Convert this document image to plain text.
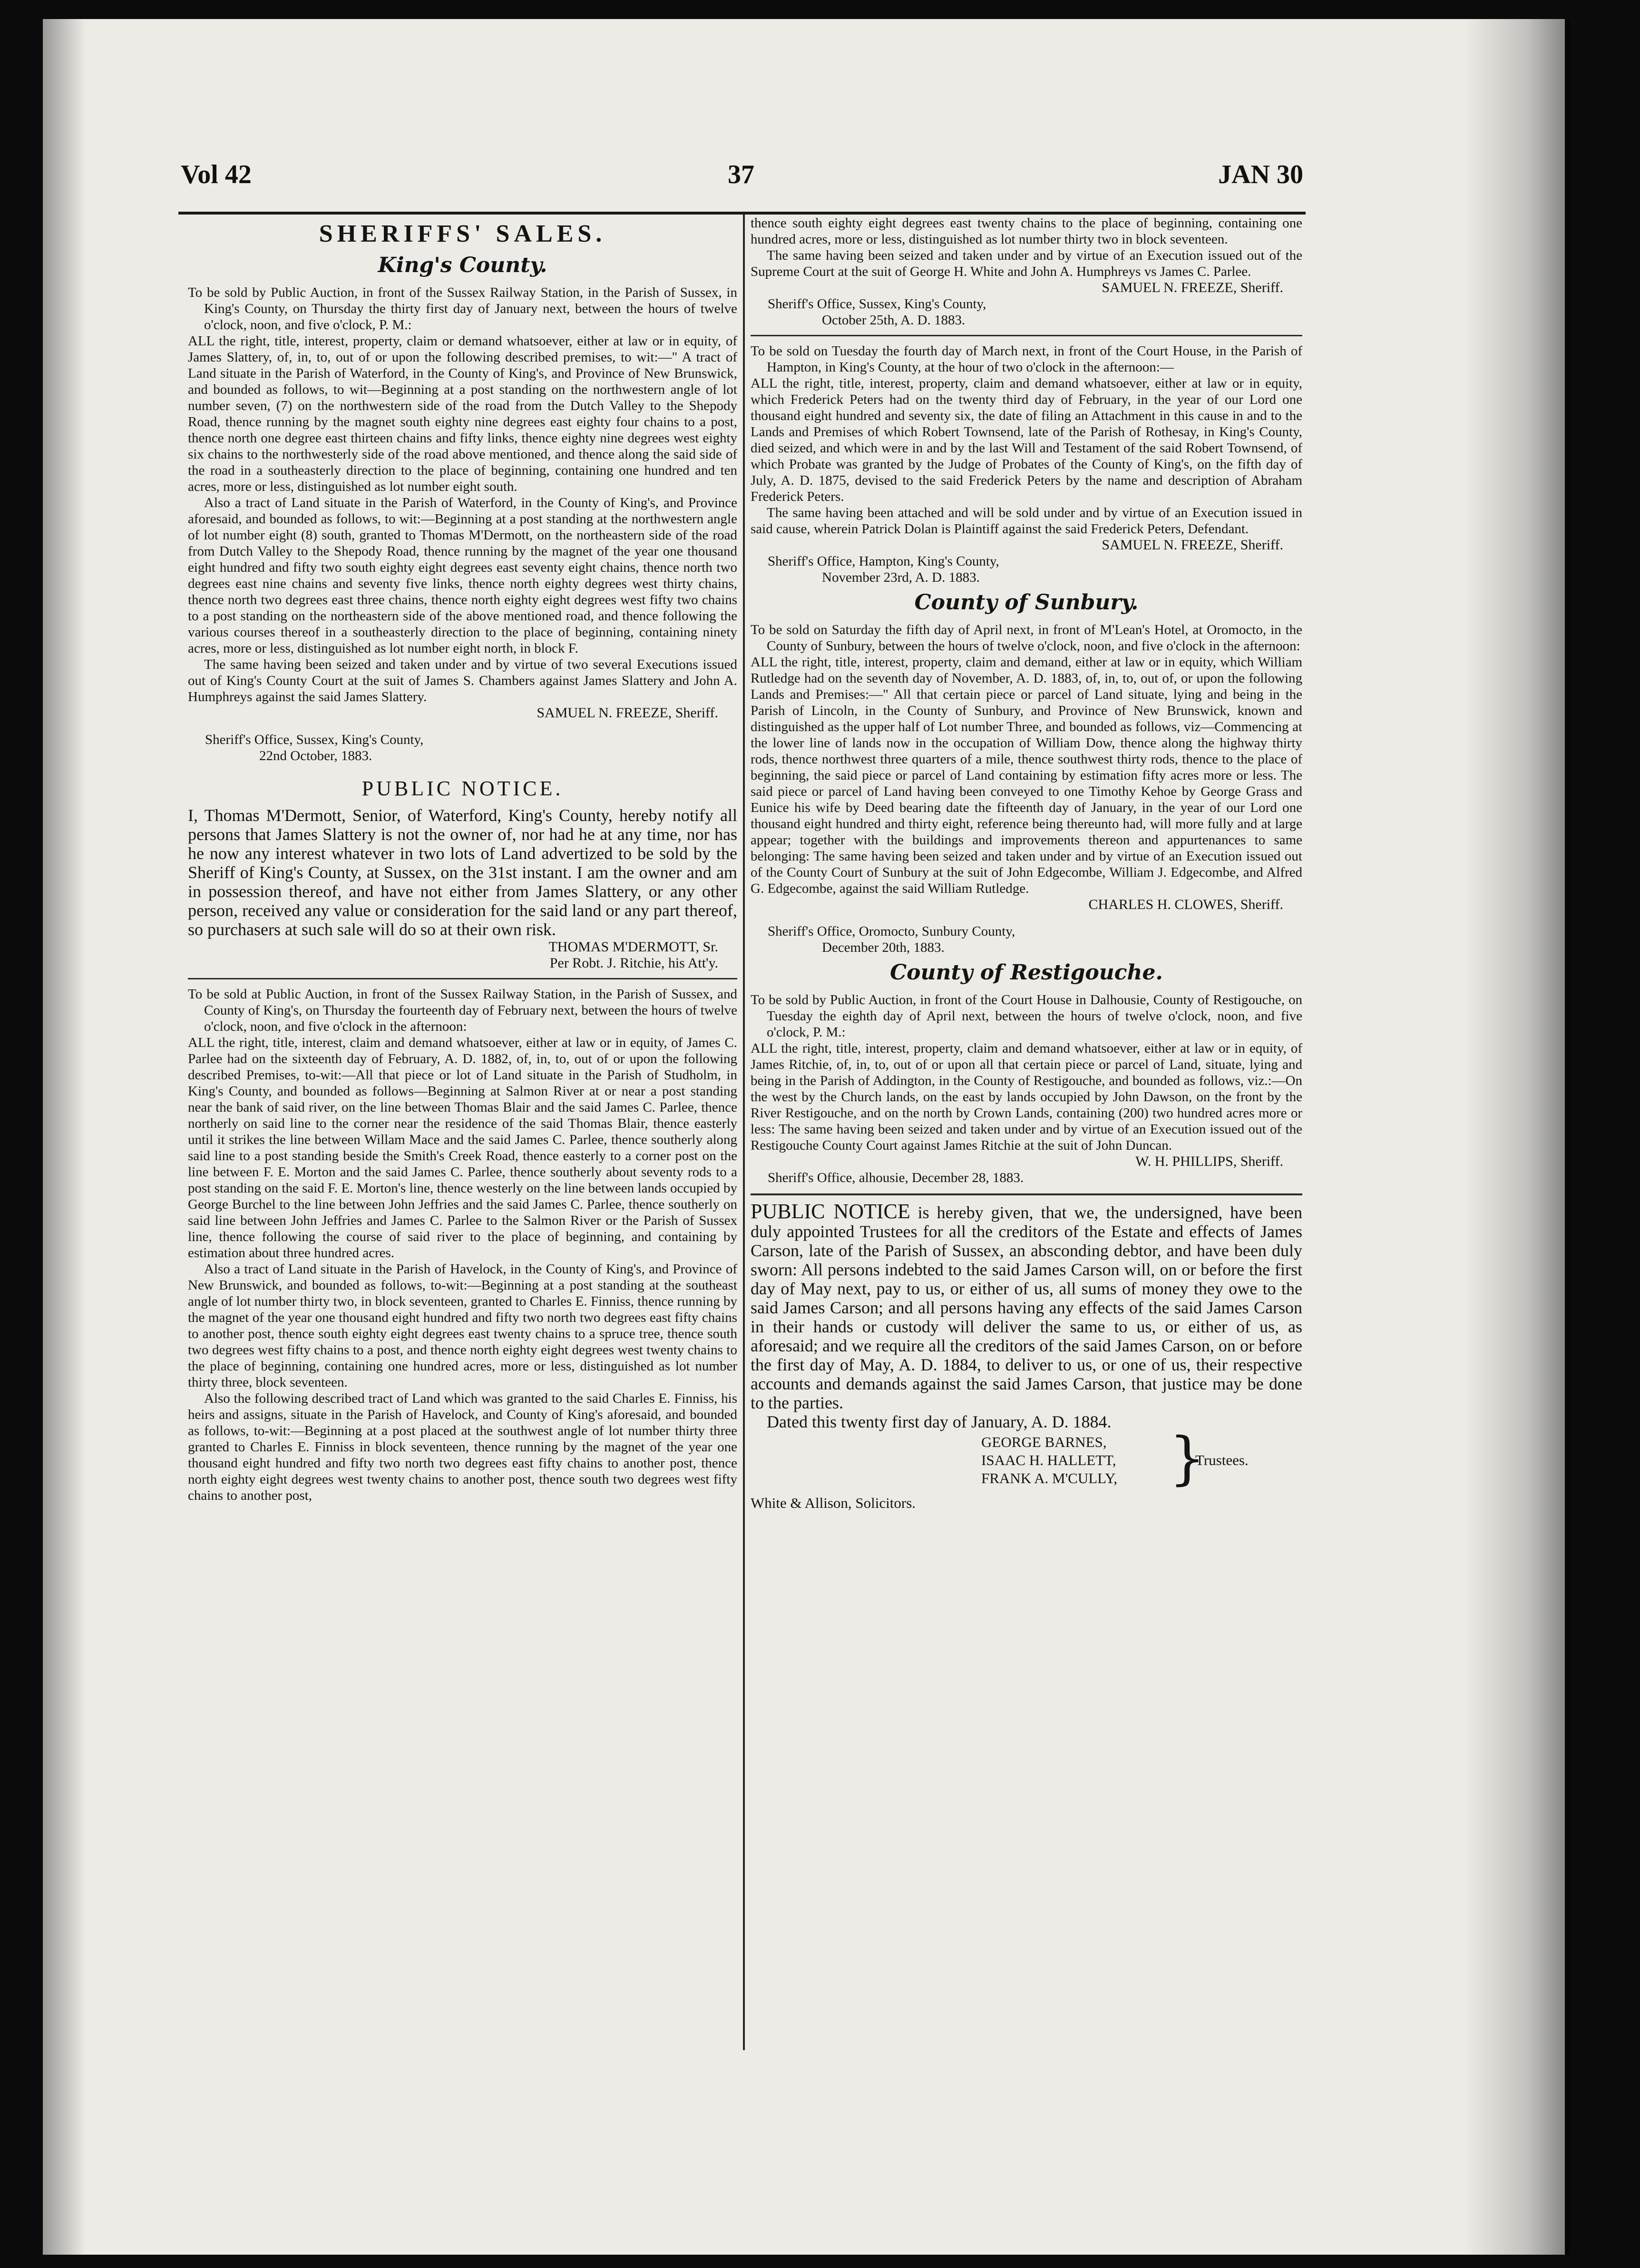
Vol 42	37	JAN 30
SHERIFFS' SALES.
King's County.
To be sold by Public Auction, in front of the Sussex Railway Station, in the Parish of Sussex, in King's County, on Thursday the thirty first day of January next, between the hours of twelve o'clock, noon, and five o'clock, P. M.:
ALL the right, title, interest, property, claim or demand whatsoever, either at law or in equity, of James Slattery, of, in, to, out of or upon the following described premises, to wit:—" A tract of Land situate in the Parish of Waterford, in the County of King's, and Province of New Brunswick, and bounded as follows, to wit—Beginning at a post standing on the northwestern angle of lot number seven, (7) on the northwestern side of the road from the Dutch Valley to the Shepody Road, thence running by the magnet south eighty nine degrees east eighty four chains to a post, thence north one degree east thirteen chains and fifty links, thence eighty nine degrees west eighty six chains to the northwesterly side of the road above mentioned, and thence along the said side of the road in a southeasterly direction to the place of beginning, containing one hundred and ten acres, more or less, distinguished as lot number eight south.
Also a tract of Land situate in the Parish of Waterford, in the County of King's, and Province aforesaid, and bounded as follows, to wit:—Beginning at a post standing at the northwestern angle of lot number eight (8) south, granted to Thomas M'Dermott, on the northeastern side of the road from Dutch Valley to the Shepody Road, thence running by the magnet of the year one thousand eight hundred and fifty two south eighty eight degrees east seventy eight chains, thence north two degrees east nine chains and seventy five links, thence north eighty degrees west thirty chains, thence north two degrees east three chains, thence north eighty eight degrees west fifty two chains to a post standing on the northeastern side of the above mentioned road, and thence following the various courses thereof in a southeasterly direction to the place of beginning, containing ninety acres, more or less, distinguished as lot number eight north, in block F.
The same having been seized and taken under and by virtue of two several Executions issued out of King's County Court at the suit of James S. Chambers against James Slattery and John A. Humphreys against the said James Slattery.
SAMUEL N. FREEZE, Sheriff.
Sheriff's Office, Sussex, King's County,
22nd October, 1883.
PUBLIC NOTICE.
I, Thomas M'Dermott, Senior, of Waterford, King's County, hereby notify all persons that James Slattery is not the owner of, nor had he at any time, nor has he now any interest whatever in two lots of Land advertized to be sold by the Sheriff of King's County, at Sussex, on the 31st instant. I am the owner and am in possession thereof, and have not either from James Slattery, or any other person, received any value or consideration for the said land or any part thereof, so purchasers at such sale will do so at their own risk.
THOMAS M'DERMOTT, Sr.
Per Robt. J. Ritchie, his Att'y.
To be sold at Public Auction, in front of the Sussex Railway Station, in the Parish of Sussex, and County of King's, on Thursday the fourteenth day of February next, between the hours of twelve o'clock, noon, and five o'clock in the afternoon:
ALL the right, title, interest, claim and demand whatsoever, either at law or in equity, of James C. Parlee had on the sixteenth day of February, A. D. 1882, of, in, to, out of or upon the following described Premises, to-wit:—All that piece or lot of Land situate in the Parish of Studholm, in King's County, and bounded as follows—Beginning at Salmon River at or near a post standing near the bank of said river, on the line between Thomas Blair and the said James C. Parlee, thence northerly on said line to the corner near the residence of the said Thomas Blair, thence easterly until it strikes the line between Willam Mace and the said James C. Parlee, thence southerly along said line to a post standing beside the Smith's Creek Road, thence easterly to a corner post on the line between F. E. Morton and the said James C. Parlee, thence southerly about seventy rods to a post standing on the said F. E. Morton's line, thence westerly on the line between lands occupied by George Burchel to the line between John Jeffries and the said James C. Parlee, thence southerly on said line between John Jeffries and James C. Parlee to the Salmon River or the Parish of Sussex line, thence following the course of said river to the place of beginning, and containing by estimation about three hundred acres.
Also a tract of Land situate in the Parish of Havelock, in the County of King's, and Province of New Brunswick, and bounded as follows, to-wit:—Beginning at a post standing at the southeast angle of lot number thirty two, in block seventeen, granted to Charles E. Finniss, thence running by the magnet of the year one thousand eight hundred and fifty two north two degrees east fifty chains to another post, thence south eighty eight degrees east twenty chains to a spruce tree, thence south two degrees west fifty chains to a post, and thence north eighty eight degrees west twenty chains to the place of beginning, containing one hundred acres, more or less, distinguished as lot number thirty three, block seventeen.
Also the following described tract of Land which was granted to the said Charles E. Finniss, his heirs and assigns, situate in the Parish of Havelock, and County of King's aforesaid, and bounded as follows, to-wit:—Beginning at a post placed at the southwest angle of lot number thirty three granted to Charles E. Finniss in block seventeen, thence running by the magnet of the year one thousand eight hundred and fifty two north two degrees east fifty chains to another post, thence north eighty eight degrees west twenty chains to another post, thence south two degrees west fifty chains to another post,
thence south eighty eight degrees east twenty chains to the place of beginning, containing one hundred acres, more or less, distinguished as lot number thirty two in block seventeen.
The same having been seized and taken under and by virtue of an Execution issued out of the Supreme Court at the suit of George H. White and John A. Humphreys vs James C. Parlee.
SAMUEL N. FREEZE, Sheriff.
Sheriff's Office, Sussex, King's County,
October 25th, A. D. 1883.
To be sold on Tuesday the fourth day of March next, in front of the Court House, in the Parish of Hampton, in King's County, at the hour of two o'clock in the afternoon:—
ALL the right, title, interest, property, claim and demand whatsoever, either at law or in equity, which Frederick Peters had on the twenty third day of February, in the year of our Lord one thousand eight hundred and seventy six, the date of filing an Attachment in this cause in and to the Lands and Premises of which Robert Townsend, late of the Parish of Rothesay, in King's County, died seized, and which were in and by the last Will and Testament of the said Robert Townsend, of which Probate was granted by the Judge of Probates of the County of King's, on the fifth day of July, A. D. 1875, devised to the said Frederick Peters by the name and description of Abraham Frederick Peters.
The same having been attached and will be sold under and by virtue of an Execution issued in said cause, wherein Patrick Dolan is Plaintiff against the said Frederick Peters, Defendant.
SAMUEL N. FREEZE, Sheriff.
Sheriff's Office, Hampton, King's County,
November 23rd, A. D. 1883.
County of Sunbury.
To be sold on Saturday the fifth day of April next, in front of M'Lean's Hotel, at Oromocto, in the County of Sunbury, between the hours of twelve o'clock, noon, and five o'clock in the afternoon:
ALL the right, title, interest, property, claim and demand, either at law or in equity, which William Rutledge had on the seventh day of November, A. D. 1883, of, in, to, out of, or upon the following Lands and Premises:—" All that certain piece or parcel of Land situate, lying and being in the Parish of Lincoln, in the County of Sunbury, and Province of New Brunswick, known and distinguished as the upper half of Lot number Three, and bounded as follows, viz—Commencing at the lower line of lands now in the occupation of William Dow, thence along the highway thirty rods, thence northwest three quarters of a mile, thence southwest thirty rods, thence to the place of beginning, the said piece or parcel of Land containing by estimation fifty acres more or less. The said piece or parcel of Land having been conveyed to one Timothy Kehoe by George Grass and Eunice his wife by Deed bearing date the fifteenth day of January, in the year of our Lord one thousand eight hundred and thirty eight, reference being thereunto had, will more fully and at large appear; together with the buildings and improvements thereon and appurtenances to same belonging: The same having been seized and taken under and by virtue of an Execution issued out of the County Court of Sunbury at the suit of John Edgecombe, William J. Edgecombe, and Alfred G. Edgecombe, against the said William Rutledge.
CHARLES H. CLOWES, Sheriff.
Sheriff's Office, Oromocto, Sunbury County,
December 20th, 1883.
County of Restigouche.
To be sold by Public Auction, in front of the Court House in Dalhousie, County of Restigouche, on Tuesday the eighth day of April next, between the hours of twelve o'clock, noon, and five o'clock, P. M.:
ALL the right, title, interest, property, claim and demand whatsoever, either at law or in equity, of James Ritchie, of, in, to, out of or upon all that certain piece or parcel of Land, situate, lying and being in the Parish of Addington, in the County of Restigouche, and bounded as follows, viz.:—On the west by the Church lands, on the east by lands occupied by John Dawson, on the front by the River Restigouche, and on the north by Crown Lands, containing (200) two hundred acres more or less: The same having been seized and taken under and by virtue of an Execution issued out of the Restigouche County Court against James Ritchie at the suit of John Duncan.
W. H. PHILLIPS, Sheriff.
Sheriff's Office, alhousie, December 28, 1883.
PUBLIC NOTICE is hereby given, that we, the undersigned, have been duly appointed Trustees for all the creditors of the Estate and effects of James Carson, late of the Parish of Sussex, an absconding debtor, and have been duly sworn: All persons indebted to the said James Carson will, on or before the first day of May next, pay to us, or either of us, all sums of money they owe to the said James Carson; and all persons having any effects of the said James Carson in their hands or custody will deliver the same to us, or either of us, as aforesaid; and we require all the creditors of the said James Carson, on or before the first day of May, A. D. 1884, to deliver to us, or one of us, their respective accounts and demands against the said James Carson, that justice may be done to the parties.
Dated this twenty first day of January, A. D. 1884.
GEORGE BARNES,
ISAAC H. HALLETT,
FRANK A. M'CULLY, }
Trustees.
White & Allison, Solicitors.
